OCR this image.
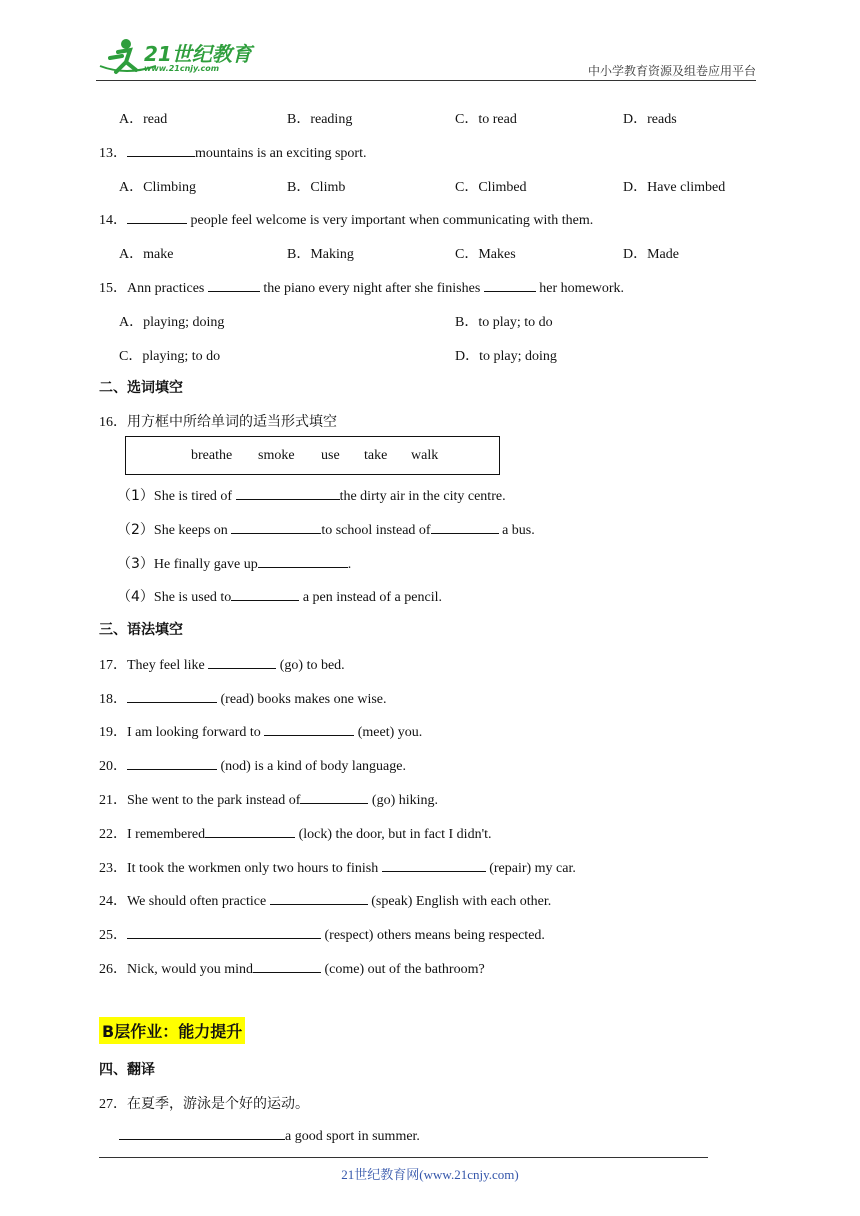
21世纪教育
www.21cnjy.com	中小学教育资源及组卷应用平台
A．read	B．reading	C．to read	D．reads
13．	mountains is an exciting sport.
A．Climbing	B．Climb	C．Climbed	D．Have climbed
14．	people feel welcome is very important when communicating with them.
A．make	B．Making	C．Makes	D．Made
15．Ann practices	the piano every night after she finishes	her homework.
A．playing; doing	B．to play; to do
C．playing; to do	D．to play; doing
二、选词填空
16．用方框中所给单词的适当形式填空
breathe smoke use take walk
（1）She is tired of	the dirty air in the city centre.
（2）She keeps on	to school instead of	a bus.
（3）He finally gave up	.
（4）She is used to	a pen instead of a pencil.
三、语法填空
17．They feel like	(go) to bed.
18．	(read) books makes one wise.
19．I am looking forward to	(meet) you.
20．	(nod) is a kind of body language.
21．She went to the park instead of	(go) hiking.
22．I remembered	(lock) the door, but in fact I didn't.
23．It took the workmen only two hours to finish	(repair) my car.
24．We should often practice	(speak) English with each other.
25．	(respect) others means being respected.
26．Nick, would you mind	(come) out of the bathroom?
B层作业：能力提升
四、翻译
27．在夏季，游泳是个好的运动。
a good sport in summer.
21世纪教育网(www.21cnjy.com)
